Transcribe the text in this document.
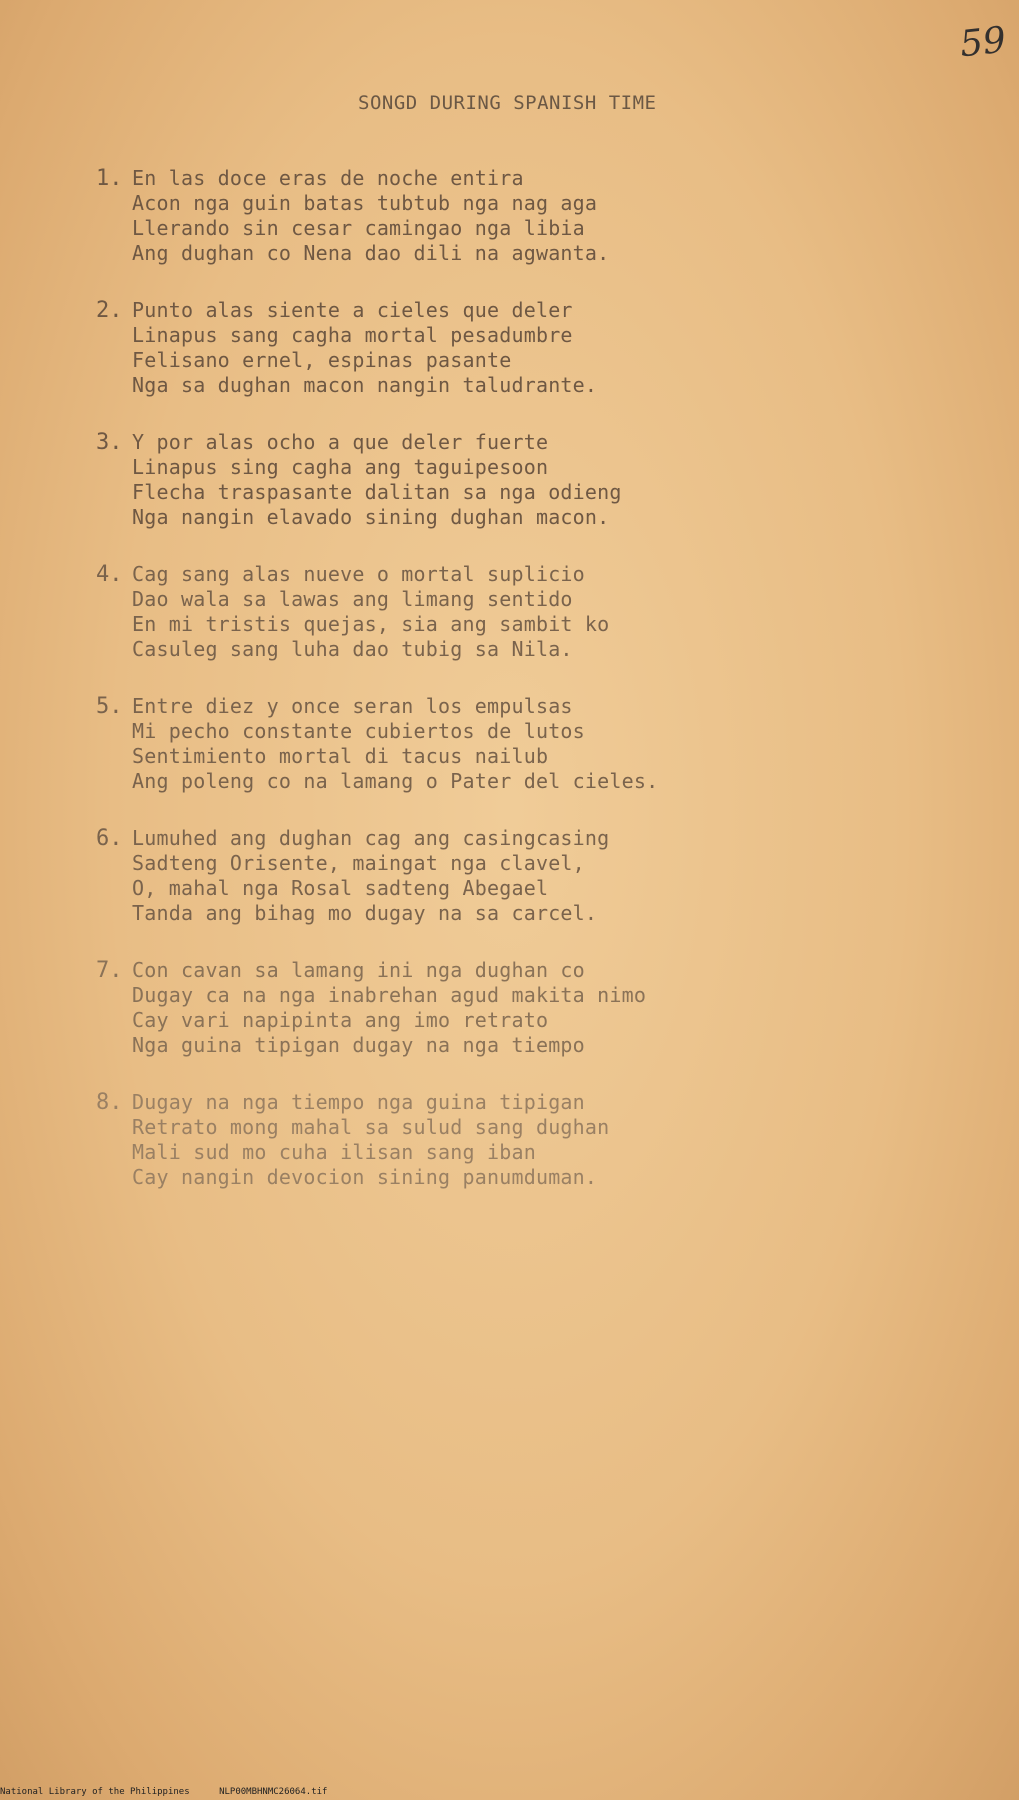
59
SONGD DURING SPANISH TIME
1. En las doce eras de noche entira
Acon nga guin batas tubtub nga nag aga
Llerando sin cesar camingao nga libia
Ang dughan co Nena dao dili na agwanta.
2. Punto alas siente a cieles que deler
Linapus sang cagha mortal pesadumbre
Felisano ernel, espinas pasante
Nga sa dughan macon nangin taludrante.
3. Y por alas ocho a que deler fuerte
Linapus sing cagha ang taguipesoon
Flecha traspasante dalitan sa nga odieng
Nga nangin elavado sining dughan macon.
4. Cag sang alas nueve o mortal suplicio
Dao wala sa lawas ang limang sentido
En mi tristis quejas, sia ang sambit ko
Casuleg sang luha dao tubig sa Nila.
5. Entre diez y once seran los empulsas
Mi pecho constante cubiertos de lutos
Sentimiento mortal di tacus nailub
Ang poleng co na lamang o Pater del cieles.
6. Lumuhed ang dughan cag ang casingcasing
Sadteng Orisente, maingat nga clavel,
O, mahal nga Rosal sadteng Abegael
Tanda ang bihag mo dugay na sa carcel.
7. Con cavan sa lamang ini nga dughan co
Dugay ca na nga inabrehan agud makita nimo
Cay vari napipinta ang imo retrato
Nga guina tipigan dugay na nga tiempo
8. Dugay na nga tiempo nga guina tipigan
Retrato mong mahal sa sulud sang dughan
Mali sud mo cuha ilisan sang iban
Cay nangin devocion sining panumduman.
National Library of the Philippines	NLP00MBHNMC26064.tif
